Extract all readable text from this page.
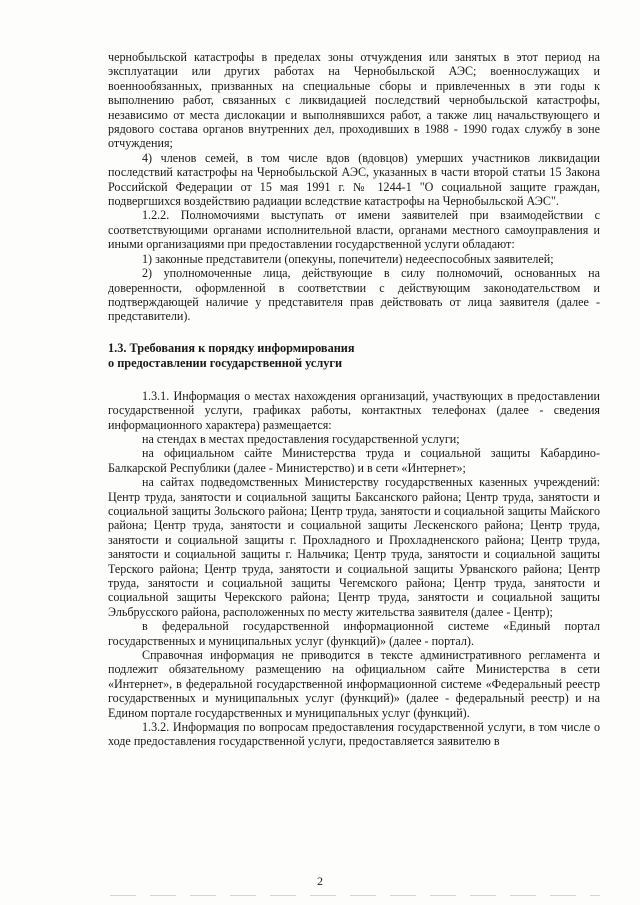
чернобыльской катастрофы в пределах зоны отчуждения или занятых в этот период на эксплуатации или других работах на Чернобыльской АЭС; военнослужащих и военнообязанных, призванных на специальные сборы и привлеченных в эти годы к выполнению работ, связанных с ликвидацией последствий чернобыльской катастрофы, независимо от места дислокации и выполнявшихся работ, а также лиц начальствующего и рядового состава органов внутренних дел, проходивших в 1988 - 1990 годах службу в зоне отчуждения;

4) членов семей, в том числе вдов (вдовцов) умерших участников ликвидации последствий катастрофы на Чернобыльской АЭС, указанных в части второй статьи 15 Закона Российской Федерации от 15 мая 1991 г. № 1244-1 "О социальной защите граждан, подвергшихся воздействию радиации вследствие катастрофы на Чернобыльской АЭС".

1.2.2. Полномочиями выступать от имени заявителей при взаимодействии с соответствующими органами исполнительной власти, органами местного самоуправления и иными организациями при предоставлении государственной услуги обладают:

1) законные представители (опекуны, попечители) недееспособных заявителей;

2) уполномоченные лица, действующие в силу полномочий, основанных на доверенности, оформленной в соответствии с действующим законодательством и подтверждающей наличие у представителя прав действовать от лица заявителя (далее - представители).

1.3. Требования к порядку информирования

о предоставлении государственной услуги

1.3.1. Информация о местах нахождения организаций, участвующих в предоставлении государственной услуги, графиках работы, контактных телефонах (далее - сведения информационного характера) размещается:

на стендах в местах предоставления государственной услуги;

на официальном сайте Министерства труда и социальной защиты Кабардино-Балкарской Республики (далее - Министерство) и в сети «Интернет»;

на сайтах подведомственных Министерству государственных казенных учреждений: Центр труда, занятости и социальной защиты Баксанского района; Центр труда, занятости и социальной защиты Зольского района; Центр труда, занятости и социальной защиты Майского района; Центр труда, занятости и социальной защиты Лескенского района; Центр труда, занятости и социальной защиты г. Прохладного и Прохладненского района; Центр труда, занятости и социальной защиты г. Нальчика; Центр труда, занятости и социальной защиты Терского района; Центр труда, занятости и социальной защиты Урванского района; Центр труда, занятости и социальной защиты Чегемского района; Центр труда, занятости и социальной защиты Черекского района; Центр труда, занятости и социальной защиты Эльбрусского района, расположенных по месту жительства заявителя (далее - Центр);

в федеральной государственной информационной системе «Единый портал государственных и муниципальных услуг (функций)» (далее - портал).

Справочная информация не приводится в тексте административного регламента и подлежит обязательному размещению на официальном сайте Министерства в сети «Интернет», в федеральной государственной информационной системе «Федеральный реестр государственных и муниципальных услуг (функций)» (далее - федеральный реестр) и на Едином портале государственных и муниципальных услуг (функций).

1.3.2. Информация по вопросам предоставления государственной услуги, в том числе о ходе предоставления государственной услуги, предоставляется заявителю в

2
